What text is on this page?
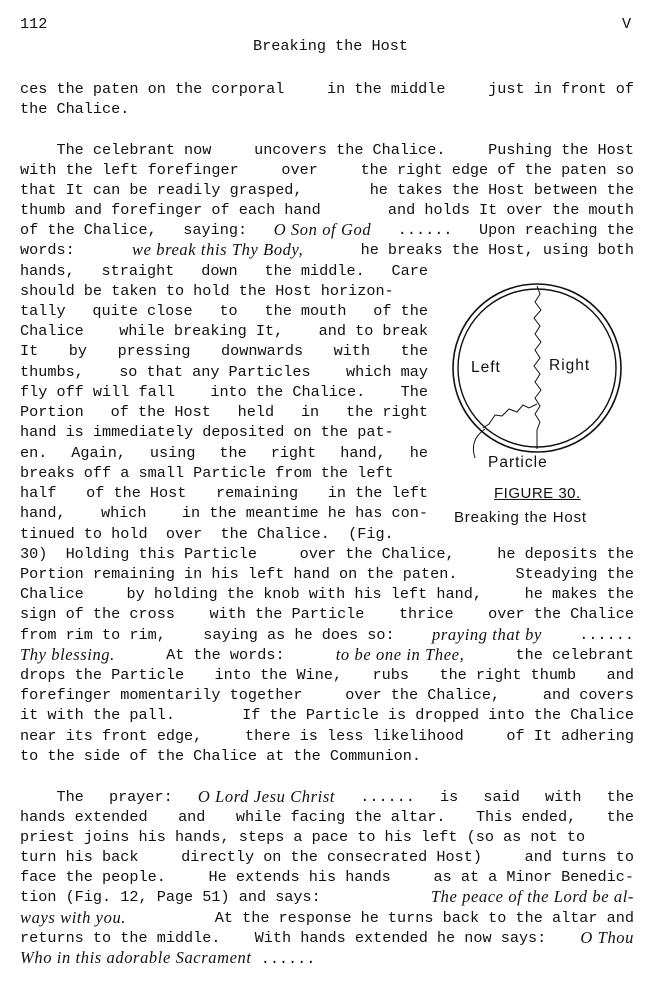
112	V
Breaking the Host
ces the paten on the corporal	in the middle	just in front of
the Chalice.
The celebrant now	uncovers the Chalice.	Pushing the Host
with the left forefinger	over	the right edge of the paten so
that It can be readily grasped,	he takes the Host between the
thumb and forefinger of each hand	and holds It over the mouth
of the Chalice, saying: O Son of God ...... Upon reaching the
words:	we break this Thy Body,	he breaks the Host, using both
hands, straight down the middle. Care
should be taken to hold the Host horizon-
tally quite close to the mouth of the
Chalice while breaking It, and to break
It by pressing downwards with the
thumbs, so that any Particles which may
fly off will fall into the Chalice. The
Portion of the Host held in the right
hand is immediately deposited on the pat-
en. Again, using the right hand, he
breaks off a small Particle from the left
half of the Host remaining in the left
hand, which in the meantime he has con-
tinued to hold  over  the Chalice.  (Fig.
30)  Holding this Particle	over the Chalice,	he deposits the
Portion remaining in his left hand on the paten.	Steadying the
Chalice	by holding the knob with his left hand,	he makes the
sign of the cross with the Particle thrice over the Chalice
from rim to rim, saying as he does so: praying that by ......
Thy blessing.	At the words:	to be one in Thee,	the celebrant
drops the Particle into the Wine, rubs the right thumb and
forefinger momentarily together	over the Chalice,	and covers
it with the pall.	If the Particle is dropped into the Chalice
near its front edge,	there is less likelihood	of It adhering
to the side of the Chalice at the Communion.
The prayer: O Lord Jesu Christ ...... is said with the
hands extended and while facing the altar. This ended, the
priest joins his hands, steps a pace to his left (so as not to
turn his back	directly on the consecrated Host)	and turns to
face the people.	He extends his hands	as at a Minor Benedic-
tion (Fig. 12, Page 51) and says:	The peace of the Lord be al-
ways with you.	At the response he turns back to the altar and
returns to the middle. With hands extended he now says: O Thou
Who in this adorable Sacrament ......
Left	Right
Particle
FIGURE 30.
Breaking the Host
